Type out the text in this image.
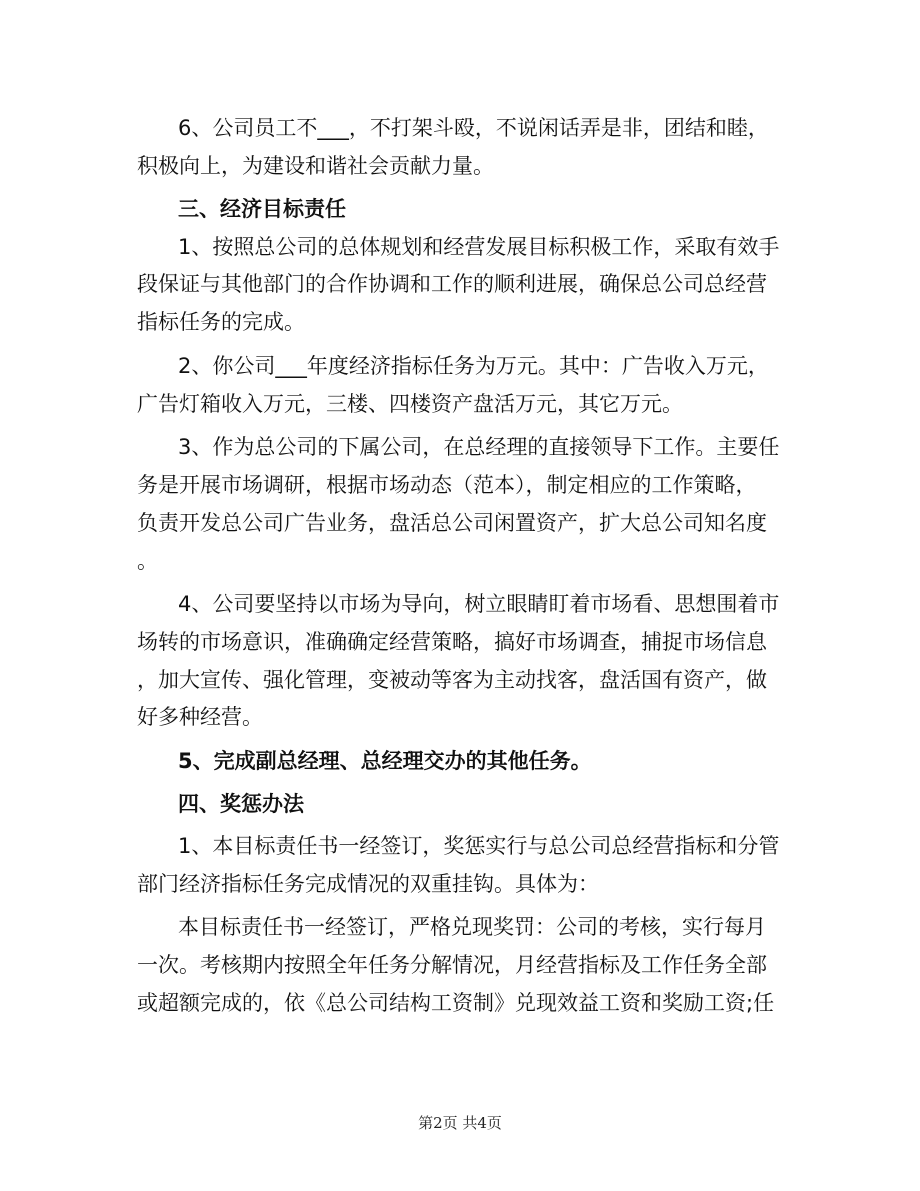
6、公司员工不___，不打架斗殴，不说闲话弄是非，团结和睦，
积极向上，为建设和谐社会贡献力量。
三、经济目标责任
1、按照总公司的总体规划和经营发展目标积极工作，采取有效手
段保证与其他部门的合作协调和工作的顺利进展，确保总公司总经营
指标任务的完成。
2、你公司___年度经济指标任务为万元。其中：广告收入万元，
广告灯箱收入万元，三楼、四楼资产盘活万元，其它万元。
3、作为总公司的下属公司，在总经理的直接领导下工作。主要任
务是开展市场调研，根据市场动态（范本），制定相应的工作策略，
负责开发总公司广告业务，盘活总公司闲置资产，扩大总公司知名度
。
4、公司要坚持以市场为导向，树立眼睛盯着市场看、思想围着市
场转的市场意识，准确确定经营策略，搞好市场调查，捕捉市场信息
，加大宣传、强化管理，变被动等客为主动找客，盘活国有资产，做
好多种经营。
5、完成副总经理、总经理交办的其他任务。
四、奖惩办法
1、本目标责任书一经签订，奖惩实行与总公司总经营指标和分管
部门经济指标任务完成情况的双重挂钩。具体为：
本目标责任书一经签订，严格兑现奖罚：公司的考核，实行每月
一次。考核期内按照全年任务分解情况，月经营指标及工作任务全部
或超额完成的，依《总公司结构工资制》兑现效益工资和奖励工资;任
第2页 共4页
